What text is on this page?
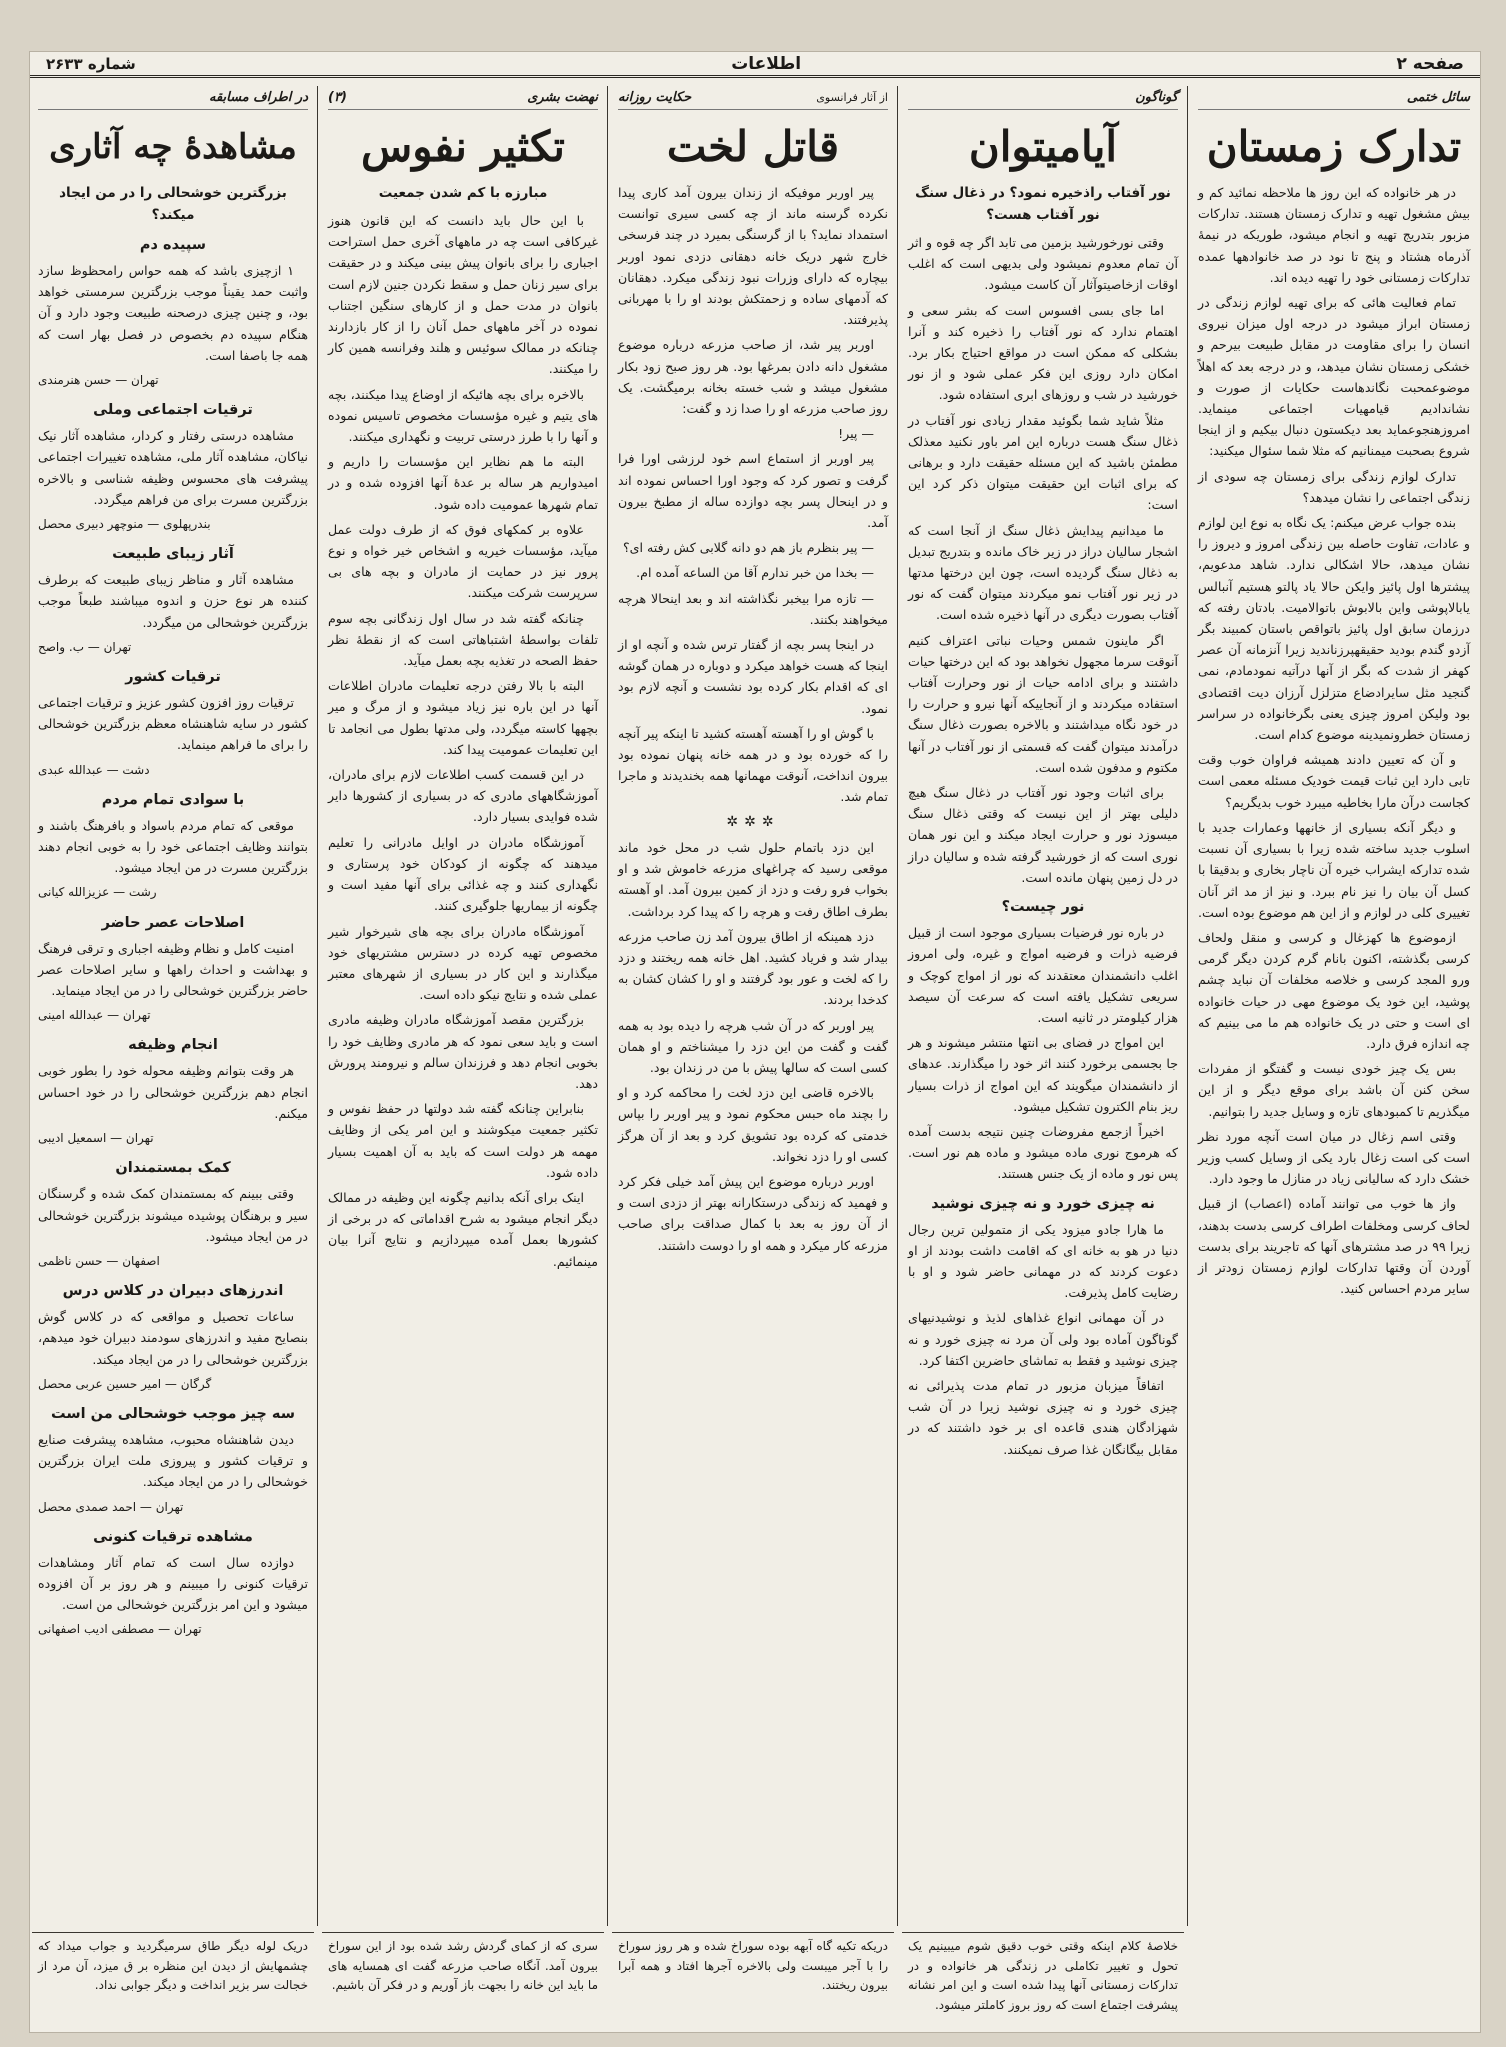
صفحه ۲
اطلاعات
شماره ۲۶۳۳
سائل ختمی
تدارک زمستان

در هر خانواده که این روز ها ملاحظه نمائید کم و بیش مشغول تهیه و تدارک زمستان هستند. تدارکات مزبور بتدریج تهیه و انجام میشود، طوریکه در نیمهٔ آذرماه هشتاد و پنج تا نود در صد خانوادهها عمده تدارکات زمستانی خود را تهیه دیده اند.

تمام فعالیت هائی که برای تهیه لوازم زندگی در زمستان ابراز میشود در درجه اول میزان نیروی انسان را برای مقاومت در مقابل طبیعت بیرحم و خشکی زمستان نشان میدهد، و در درجه بعد که اهلاً موضوعمحبت نگاندهاست حکایات از صورت و نشاندادیم قیامهیات اجتماعی مینماید. امروزهنجوعماید بعد دیکستون دنبال بیکیم و از اینجا شروع بصحبت میمنانیم که مثلا شما سئوال میکنید:

تدارک لوازم زندگی برای زمستان چه سودی از زندگی اجتماعی را نشان میدهد؟

بنده جواب عرض میکنم: یک نگاه به نوع این لوازم و عادات، تفاوت حاصله بین زندگی امروز و دیروز را نشان میدهد، حالا اشکالی ندارد. شاهد مدعویم، پیشترها اول پائیز وایکن حالا یاد پالتو هستیم آنبالس یابالاپوشی واین بالابوش باتوالامیت. بادتان رفته که درزمان سابق اول پائیز باتواقص باستان کمبیند بگر آزدو گندم بودید حقیقهپرزناندید زیرا آنزمانه آن عصر کهفر از شدت که بگر از آنها درآتیه نمودمادم، نمی گنجید مثل سایرادضاع متزلزل آرزان دیت اقتصادی بود ولیکن امروز چیزی یعنی بگرخانواده در سراسر زمستان خطرونمیدینه موضوع کدام است.

و آن که تعیین دادند همیشه فراوان خوب وقت تابی دارد این ثبات قیمت خودیک مسئله معمی است کجاست درآن مارا بخاطیه میبرد خوب بدیگریم؟

و دیگر آنکه بسیاری از خانهها وعمارات جدید با اسلوب جدید ساخته شده زیرا با بسیاری آن نسبت شده تدارکه ایشراب خیره آن ناچار بخاری و بدقیقا با کسل آن بیان را نیز نام ببرد. و نیز از مد اثر آنان تغییری کلی در لوازم و از این هم موضوع بوده است.

ازموضوع ها کهزغال و کرسی و منقل ولحاف کرسی بگذشته، اکنون بانام گرم کردن دیگر گرمی ورو المجد کرسی و خلاصه مخلفات آن نباید چشم پوشید، این خود یک موضوع مهی در حیات خانواده ای است و حتی در یک خانواده هم ما می بینیم که چه اندازه فرق دارد.

بس یک چیز خودی نیست و گفتگو از مفردات سخن کنن آن باشد برای موقع دیگر و از این میگذریم تا کمبودهای تازه و وسایل جدید را بتوانیم.

وقتی اسم زغال در میان است آنچه مورد نظر است کی است زغال بارد یکی از وسایل کسب وزیر خشک دارد که سالیانی زیاد در منازل ما وجود دارد.

واز ها خوب می توانند آماده (اعصاب) از قبیل لحاف کرسی ومخلفات اطراف کرسی بدست بدهند، زیرا ۹۹ در صد مشترهای آنها که تاجریند برای بدست آوردن آن وقتها تدارکات لوازم زمستان زودتر از سایر مردم احساس کنید.

گوناگون
آیامیتوان
نور آفتاب راذخیره نمود؟ در ذغال سنگ نور آفتاب هست؟

وقتی نورخورشید بزمین می تابد اگر چه قوه و اثر آن تمام معدوم نمیشود ولی بدیهی است که اغلب اوقات ازخاصیتوآثار آن کاست میشود.

اما جای بسی افسوس است که بشر سعی و اهتمام ندارد که نور آفتاب را ذخیره کند و آنرا بشکلی که ممکن است در مواقع احتیاج بکار برد. امکان دارد روزی این فکر عملی شود و از نور خورشید در شب و روزهای ابری استفاده شود.

مثلاً شاید شما بگوئید مقدار زیادی نور آفتاب در ذغال سنگ هست درباره این امر باور نکنید معذلک مطمئن باشید که این مسئله حقیقت دارد و برهانی که برای اثبات این حقیقت میتوان ذکر کرد این است:

ما میدانیم پیدایش ذغال سنگ از آنجا است که اشجار سالیان دراز در زیر خاک مانده و بتدریج تبدیل به ذغال سنگ گردیده است، چون این درختها مدتها در زیر نور آفتاب نمو میکردند میتوان گفت که نور آفتاب بصورت دیگری در آنها ذخیره شده است.

اگر ماینون شمس وحیات نباتی اعتراف کنیم آنوقت سرما مجهول نخواهد بود که این درختها حیات داشتند و برای ادامه حیات از نور وحرارت آفتاب استفاده میکردند و از آنجاییکه آنها نیرو و حرارت را در خود نگاه میداشتند و بالاخره بصورت ذغال سنگ درآمدند میتوان گفت که قسمتی از نور آفتاب در آنها مکتوم و مدفون شده است.

برای اثبات وجود نور آفتاب در ذغال سنگ هیچ دلیلی بهتر از این نیست که وقتی ذغال سنگ میسوزد نور و حرارت ایجاد میکند و این نور همان نوری است که از خورشید گرفته شده و سالیان دراز در دل زمین پنهان مانده است.

نور چیست؟

در باره نور فرضیات بسیاری موجود است از قبیل فرضیه ذرات و فرضیه امواج و غیره، ولی امروز اغلب دانشمندان معتقدند که نور از امواج کوچک و سریعی تشکیل یافته است که سرعت آن سیصد هزار کیلومتر در ثانیه است.

این امواج در فضای بی انتها منتشر میشوند و هر جا بجسمی برخورد کنند اثر خود را میگذارند. عدهای از دانشمندان میگویند که این امواج از ذرات بسیار ریز بنام الکترون تشکیل میشود.

اخیراً ازجمع مفروضات چنین نتیجه بدست آمده که هرموج نوری ماده میشود و ماده هم نور است. پس نور و ماده از یک جنس هستند.

نه چیزی خورد و نه چیزی نوشید

ما هارا جادو میزود یکی از متمولین ترین رجال دنیا در هو به خانه ای که اقامت داشت بودند از او دعوت کردند که در مهمانی حاضر شود و او با رضایت کامل پذیرفت.

در آن مهمانی انواع غذاهای لذیذ و نوشیدنیهای گوناگون آماده بود ولی آن مرد نه چیزی خورد و نه چیزی نوشید و فقط به تماشای حاضرین اکتفا کرد.

اتفاقاً میزبان مزبور در تمام مدت پذیرائی نه چیزی خورد و نه چیزی نوشید زیرا در آن شب شهزادگان هندی قاعده ای بر خود داشتند که در مقابل بیگانگان غذا صرف نمیکنند.

از آثار فرانسوی
حکایت روزانه
قاتل لخت

پیر اوربر موفیکه از زندان بیرون آمد کاری پیدا نکرده گرسنه ماند از چه کسی سیری توانست استمداد نماید؟ با از گرسنگی بمیرد در چند فرسخی خارج شهر دریک خانه دهقانی دزدی نمود اوربر بیچاره که دارای وزرات نبود زندگی میکرد. دهقانان که آدمهای ساده و زحمتکش بودند او را با مهربانی پذیرفتند.

اوربر پیر شد، از صاحب مزرعه درباره موضوع مشغول دانه دادن بمرغها بود. هر روز صبح زود بکار مشغول میشد و شب خسته بخانه برمیگشت. یک روز صاحب مزرعه او را صدا زد و گفت:

— پیر!

پیر اوربر از استماع اسم خود لرزشی اورا فرا گرفت و تصور کرد که وجود اورا احساس نموده اند و در اینحال پسر بچه دوازده ساله از مطبخ بیرون آمد.

— پیر بنظرم باز هم دو دانه گلابی کش رفته ای؟

— بخدا من خبر ندارم آقا من الساعه آمده ام.

— تازه مرا بیخبر نگذاشته اند و بعد اینحالا هرچه میخواهند بکنند.

در اینجا پسر بچه از گفتار ترس شده و آنچه او از اینجا که هست خواهد میکرد و دوباره در همان گوشه ای که اقدام بکار کرده بود نشست و آنچه لازم بود نمود.

با گوش او را آهسته آهسته کشید تا اینکه پیر آنچه را که خورده بود و در همه خانه پنهان نموده بود بیرون انداخت، آنوقت مهمانها همه بخندیدند و ماجرا تمام شد.

✲✲✲

این دزد باتمام حلول شب در محل خود ماند موقعی رسید که چراغهای مزرعه خاموش شد و او بخواب فرو رفت و دزد از کمین بیرون آمد. او آهسته بطرف اطاق رفت و هرچه را که پیدا کرد برداشت.

دزد همینکه از اطاق بیرون آمد زن صاحب مزرعه بیدار شد و فریاد کشید. اهل خانه همه ریختند و دزد را که لخت و عور بود گرفتند و او را کشان کشان به کدخدا بردند.

پیر اوربر که در آن شب هرچه را دیده بود به همه گفت و گفت من این دزد را میشناختم و او همان کسی است که سالها پیش با من در زندان بود.

بالاخره قاضی این دزد لخت را محاکمه کرد و او را بچند ماه حبس محکوم نمود و پیر اوربر را بپاس خدمتی که کرده بود تشویق کرد و بعد از آن هرگز کسی او را دزد نخواند.

اوربر درباره موضوع این پیش آمد خیلی فکر کرد و فهمید که زندگی درستکارانه بهتر از دزدی است و از آن روز به بعد با کمال صداقت برای صاحب مزرعه کار میکرد و همه او را دوست داشتند.

نهضت بشری
(۳)
تکثیر نفوس
مبارزه با کم شدن جمعیت

با این حال باید دانست که این قانون هنوز غیرکافی است چه در ماههای آخری حمل استراحت اجباری را برای بانوان پیش بینی میکند و در حقیقت برای سیر زنان حمل و سقط نکردن جنین لازم است بانوان در مدت حمل و از کارهای سنگین اجتناب نموده در آخر ماههای حمل آنان را از کار بازدارند چنانکه در ممالک سوئیس و هلند وفرانسه همین کار را میکنند.

بالاخره برای بچه هائیکه از اوضاع پیدا میکنند، بچه های یتیم و غیره مؤسسات مخصوص تاسیس نموده و آنها را با طرز درستی تربیت و نگهداری میکنند.

البته ما هم نظایر این مؤسسات را داریم و امیدواریم هر ساله بر عدهٔ آنها افزوده شده و در تمام شهرها عمومیت داده شود.

علاوه بر کمکهای فوق که از طرف دولت عمل میآید، مؤسسات خیریه و اشخاص خیر خواه و نوع پرور نیز در حمایت از مادران و بچه های بی سرپرست شرکت میکنند.

چنانکه گفته شد در سال اول زندگانی بچه سوم تلفات بواسطهٔ اشتباهاتی است که از نقطهٔ نظر حفظ الصحه در تغذیه بچه بعمل میآید.

البته با بالا رفتن درجه تعلیمات مادران اطلاعات آنها در این باره نیز زیاد میشود و از مرگ و میر بچهها کاسته میگردد، ولی مدتها بطول می انجامد تا این تعلیمات عمومیت پیدا کند.

در این قسمت کسب اطلاعات لازم برای مادران، آموزشگاههای مادری که در بسیاری از کشورها دایر شده فوایدی بسیار دارد.

آموزشگاه مادران در اوایل مادرانی را تعلیم میدهند که چگونه از کودکان خود پرستاری و نگهداری کنند و چه غذائی برای آنها مفید است و چگونه از بیماریها جلوگیری کنند.

آموزشگاه مادران برای بچه های شیرخوار شیر مخصوص تهیه کرده در دسترس مشتریهای خود میگذارند و این کار در بسیاری از شهرهای معتبر عملی شده و نتایج نیکو داده است.

بزرگترین مقصد آموزشگاه مادران وظیفه مادری است و باید سعی نمود که هر مادری وظایف خود را بخوبی انجام دهد و فرزندان سالم و نیرومند پرورش دهد.

بنابراین چنانکه گفته شد دولتها در حفظ نفوس و تکثیر جمعیت میکوشند و این امر یکی از وظایف مهمه هر دولت است که باید به آن اهمیت بسیار داده شود.

اینک برای آنکه بدانیم چگونه این وظیفه در ممالک دیگر انجام میشود به شرح اقداماتی که در برخی از کشورها بعمل آمده میپردازیم و نتایج آنرا بیان مینمائیم.

در اطراف مسابقه
مشاهدهٔ چه آثاری
بزرگترین خوشحالی را در من ایجاد میکند؟
سپیده دم

۱ ازچیزی باشد که همه حواس رامحظوظ سازد واثبت حمد یقیناً موجب بزرگترین سرمستی خواهد بود، و چنین چیزی درصحنه طبیعت وجود دارد و آن هنگام سپیده دم بخصوص در فصل بهار است که همه جا باصفا است.

تهران — حسن هنرمندی
ترقیات اجتماعی وملی

مشاهده درستی رفتار و کردار، مشاهده آثار نیک نیاکان، مشاهده آثار ملی، مشاهده تغییرات اجتماعی پیشرفت های محسوس وظیفه شناسی و بالاخره بزرگترین مسرت برای من فراهم میگردد.

بندرپهلوی — منوچهر دبیری محصل
آثار زیبای طبیعت

مشاهده آثار و مناظر زیبای طبیعت که برطرف کننده هر نوع حزن و اندوه میباشند طبعاً موجب بزرگترین خوشحالی من میگردد.

تهران — ب. واصح
ترقیات کشور

ترقیات روز افزون کشور عزیز و ترقیات اجتماعی کشور در سایه شاهنشاه معظم بزرگترین خوشحالی را برای ما فراهم مینماید.

دشت — عبدالله عبدی
با سوادی تمام مردم

موقعی که تمام مردم باسواد و بافرهنگ باشند و بتوانند وظایف اجتماعی خود را به خوبی انجام دهند بزرگترین مسرت در من ایجاد میشود.

رشت — عزیزالله کیانی
اصلاحات عصر حاضر

امنیت کامل و نظام وظیفه اجباری و ترقی فرهنگ و بهداشت و احداث راهها و سایر اصلاحات عصر حاضر بزرگترین خوشحالی را در من ایجاد مینماید.

تهران — عبدالله امینی
انجام وظیفه

هر وقت بتوانم وظیفه محوله خود را بطور خوبی انجام دهم بزرگترین خوشحالی را در خود احساس میکنم.

تهران — اسمعیل ادیبی
کمک بمستمندان

وقتی ببینم که بمستمندان کمک شده و گرسنگان سیر و برهنگان پوشیده میشوند بزرگترین خوشحالی در من ایجاد میشود.

اصفهان — حسن ناظمی
اندرزهای دبیران در کلاس درس

ساعات تحصیل و مواقعی که در کلاس گوش بنصایح مفید و اندرزهای سودمند دبیران خود میدهم، بزرگترین خوشحالی را در من ایجاد میکند.

گرگان — امیر حسین عربی محصل
سه چیز موجب خوشحالی من است

دیدن شاهنشاه محبوب، مشاهده پیشرفت صنایع و ترقیات کشور و پیروزی ملت ایران بزرگترین خوشحالی را در من ایجاد میکند.

تهران — احمد صمدی محصل
مشاهده ترقیات کنونی

دوازده سال است که تمام آثار ومشاهدات ترقیات کنونی را میبینم و هر روز بر آن افزوده میشود و این امر بزرگترین خوشحالی من است.

تهران — مصطفی ادیب اصفهانی
خلاصهٔ کلام اینکه وقتی خوب دقیق شوم میبینیم یک تحول و تغییر تکاملی در زندگی هر خانواده و در تدارکات زمستانی آنها پیدا شده است و این امر نشانه پیشرفت اجتماع است که روز بروز کاملتر میشود.
دریکه تکیه گاه آبهه بوده سوراخ شده و هر روز سوراخ را با آجر میبست ولی بالاخره آجرها افتاد و همه آبرا بیرون ریختند.
سری که از کمای گردش رشد شده بود از این سوراخ بیرون آمد. آنگاه صاحب مزرعه گفت ای همسایه های ما باید این خانه را بجهت باز آوریم و در فکر آن باشیم.
دریک لوله دیگر طاق سرمیگردید و جواب میداد که چشمهایش از دیدن این منظره بر ق میزد، آن مرد از خجالت سر بزیر انداخت و دیگر جوابی نداد.
